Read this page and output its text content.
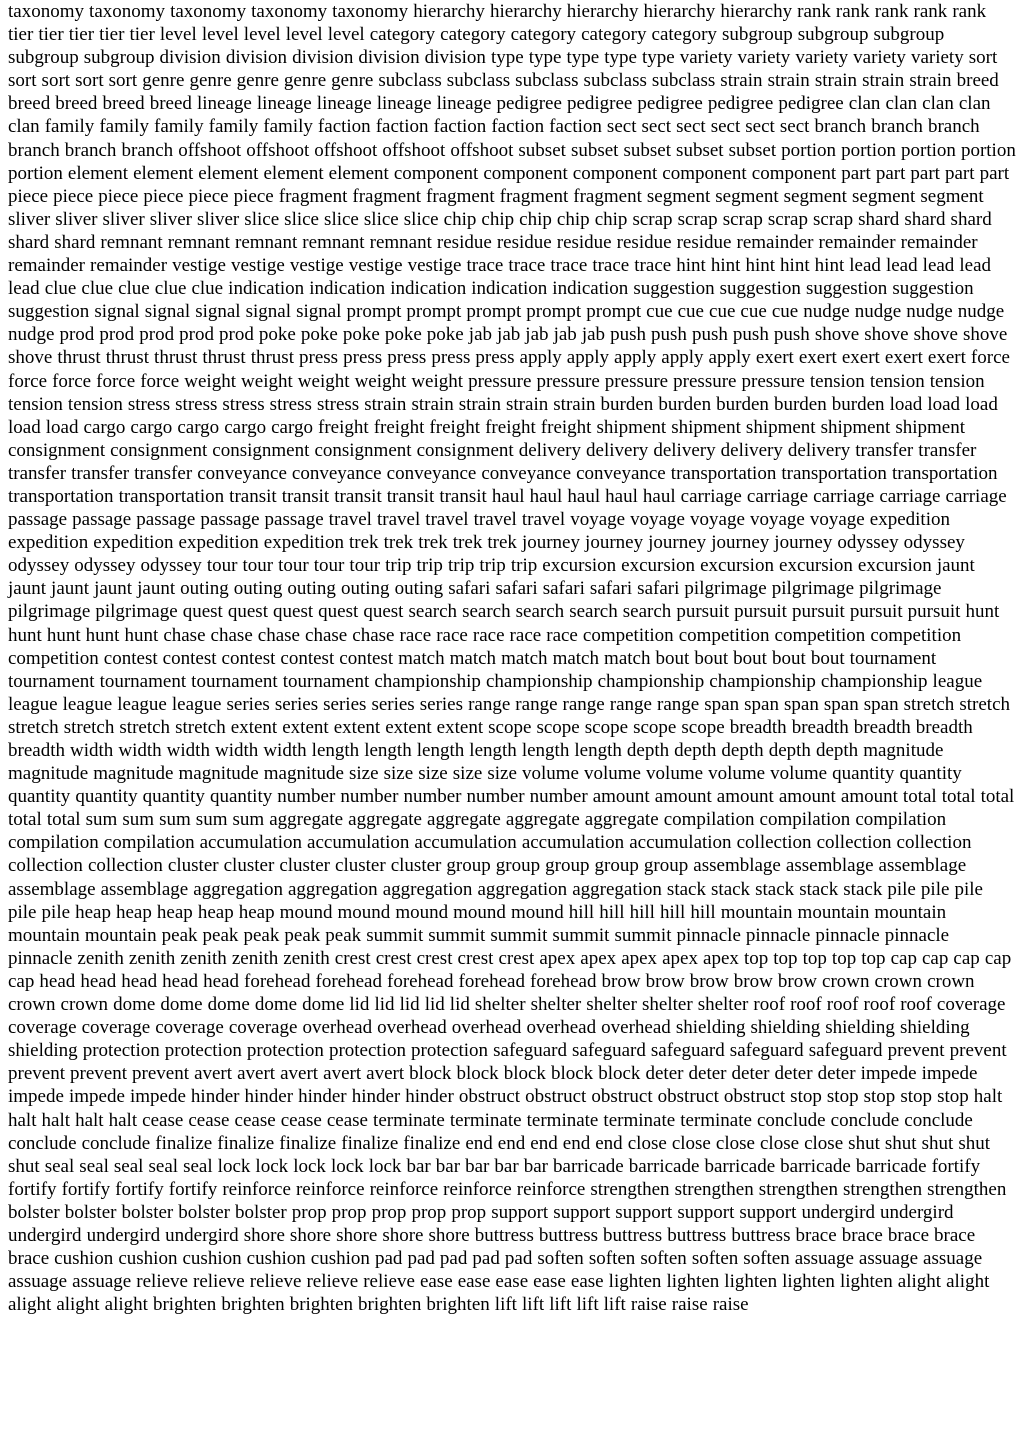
taxonomy taxonomy taxonomy taxonomy taxonomy hierarchy hierarchy hierarchy hierarchy hierarchy rank rank rank rank rank tier tier tier tier tier level level level level level category category category category category subgroup subgroup subgroup subgroup subgroup division division division division division type type type type type variety variety variety variety variety sort sort sort sort sort genre genre genre genre genre subclass subclass subclass subclass subclass strain strain strain strain strain breed breed breed breed breed lineage lineage lineage lineage lineage pedigree pedigree pedigree pedigree pedigree clan clan clan clan clan family family family family family faction faction faction faction faction sect sect sect sect sect sect branch branch branch branch branch branch offshoot offshoot offshoot offshoot offshoot subset subset subset subset subset portion portion portion portion portion element element element element element component component component component component part part part part part piece piece piece piece piece piece fragment fragment fragment fragment fragment segment segment segment segment segment sliver sliver sliver sliver sliver slice slice slice slice slice chip chip chip chip chip scrap scrap scrap scrap scrap shard shard shard shard shard remnant remnant remnant remnant remnant residue residue residue residue residue remainder remainder remainder remainder remainder vestige vestige vestige vestige vestige trace trace trace trace trace hint hint hint hint hint lead lead lead lead lead clue clue clue clue clue indication indication indication indication indication suggestion suggestion suggestion suggestion suggestion signal signal signal signal signal prompt prompt prompt prompt prompt cue cue cue cue cue nudge nudge nudge nudge nudge prod prod prod prod prod poke poke poke poke poke jab jab jab jab jab push push push push push shove shove shove shove shove thrust thrust thrust thrust thrust press press press press press apply apply apply apply apply exert exert exert exert exert force force force force force weight weight weight weight weight pressure pressure pressure pressure pressure tension tension tension tension tension stress stress stress stress stress strain strain strain strain strain burden burden burden burden burden load load load load load cargo cargo cargo cargo cargo freight freight freight freight freight shipment shipment shipment shipment shipment consignment consignment consignment consignment consignment delivery delivery delivery delivery delivery transfer transfer transfer transfer transfer conveyance conveyance conveyance conveyance conveyance transportation transportation transportation transportation transportation transit transit transit transit transit haul haul haul haul haul carriage carriage carriage carriage carriage passage passage passage passage passage travel travel travel travel travel voyage voyage voyage voyage voyage expedition expedition expedition expedition expedition trek trek trek trek trek journey journey journey journey journey odyssey odyssey odyssey odyssey odyssey tour tour tour tour tour trip trip trip trip trip excursion excursion excursion excursion excursion jaunt jaunt jaunt jaunt jaunt outing outing outing outing outing safari safari safari safari safari pilgrimage pilgrimage pilgrimage pilgrimage pilgrimage quest quest quest quest quest search search search search search pursuit pursuit pursuit pursuit pursuit hunt hunt hunt hunt hunt chase chase chase chase chase race race race race race competition competition competition competition competition contest contest contest contest contest match match match match match bout bout bout bout bout tournament tournament tournament tournament tournament championship championship championship championship championship league league league league league series series series series series range range range range range span span span span span stretch stretch stretch stretch stretch stretch extent extent extent extent extent scope scope scope scope scope breadth breadth breadth breadth breadth width width width width width length length length length length length depth depth depth depth depth magnitude magnitude magnitude magnitude magnitude size size size size size volume volume volume volume volume quantity quantity quantity quantity quantity quantity number number number number number amount amount amount amount amount total total total total total sum sum sum sum sum aggregate aggregate aggregate aggregate aggregate compilation compilation compilation compilation compilation accumulation accumulation accumulation accumulation accumulation collection collection collection collection collection cluster cluster cluster cluster cluster group group group group group assemblage assemblage assemblage assemblage assemblage aggregation aggregation aggregation aggregation aggregation stack stack stack stack stack pile pile pile pile pile heap heap heap heap heap mound mound mound mound mound hill hill hill hill hill mountain mountain mountain mountain mountain peak peak peak peak peak summit summit summit summit summit pinnacle pinnacle pinnacle pinnacle pinnacle zenith zenith zenith zenith zenith crest crest crest crest crest apex apex apex apex apex top top top top top cap cap cap cap cap head head head head head forehead forehead forehead forehead forehead brow brow brow brow brow crown crown crown crown crown dome dome dome dome dome lid lid lid lid lid shelter shelter shelter shelter shelter roof roof roof roof roof coverage coverage coverage coverage coverage overhead overhead overhead overhead overhead shielding shielding shielding shielding shielding protection protection protection protection protection safeguard safeguard safeguard safeguard safeguard prevent prevent prevent prevent prevent avert avert avert avert avert block block block block block deter deter deter deter deter impede impede impede impede impede hinder hinder hinder hinder hinder obstruct obstruct obstruct obstruct obstruct stop stop stop stop stop halt halt halt halt halt cease cease cease cease cease terminate terminate terminate terminate terminate conclude conclude conclude conclude conclude finalize finalize finalize finalize finalize end end end end end close close close close close shut shut shut shut shut seal seal seal seal seal lock lock lock lock lock bar bar bar bar bar barricade barricade barricade barricade barricade fortify fortify fortify fortify fortify reinforce reinforce reinforce reinforce reinforce strengthen strengthen strengthen strengthen strengthen bolster bolster bolster bolster bolster prop prop prop prop prop support support support support support undergird undergird undergird undergird undergird shore shore shore shore shore buttress buttress buttress buttress buttress brace brace brace brace brace cushion cushion cushion cushion cushion pad pad pad pad pad soften soften soften soften soften assuage assuage assuage assuage assuage relieve relieve relieve relieve relieve ease ease ease ease ease lighten lighten lighten lighten lighten alight alight alight alight alight brighten brighten brighten brighten brighten lift lift lift lift lift raise raise raise
